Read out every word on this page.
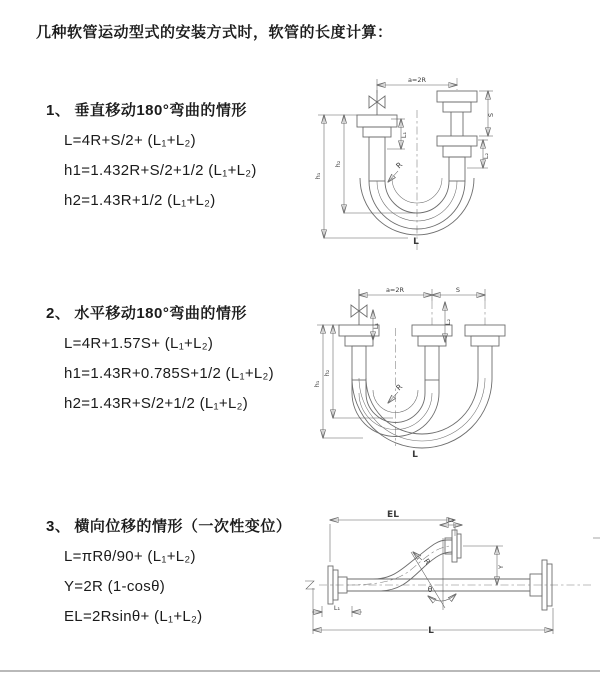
几种软管运动型式的安装方式时，软管的长度计算：
1、 垂直移动180°弯曲的情形
L=4R+S/2+ (L₁+L₂)
h1=1.432R+S/2+1/2 (L₁+L₂)
h2=1.43R+1/2 (L₁+L₂)
2、 水平移动180°弯曲的情形
L=4R+1.57S+ (L₁+L₂)
h1=1.43R+0.785S+1/2 (L₁+L₂)
h2=1.43R+S/2+1/2 (L₁+L₂)
3、 横向位移的情形（一次性变位）
L=πRθ/90+ (L₁+L₂)
Y=2R (1-cosθ)
EL=2Rsinθ+ (L₁+L₂)
a=2R
S
L₂
L₁
h₂
h₁
R
L
a=2R	S
h₂
h₁
L₁
L₂
R
L
EL	L₂
θ
R
Y
L₁
L
